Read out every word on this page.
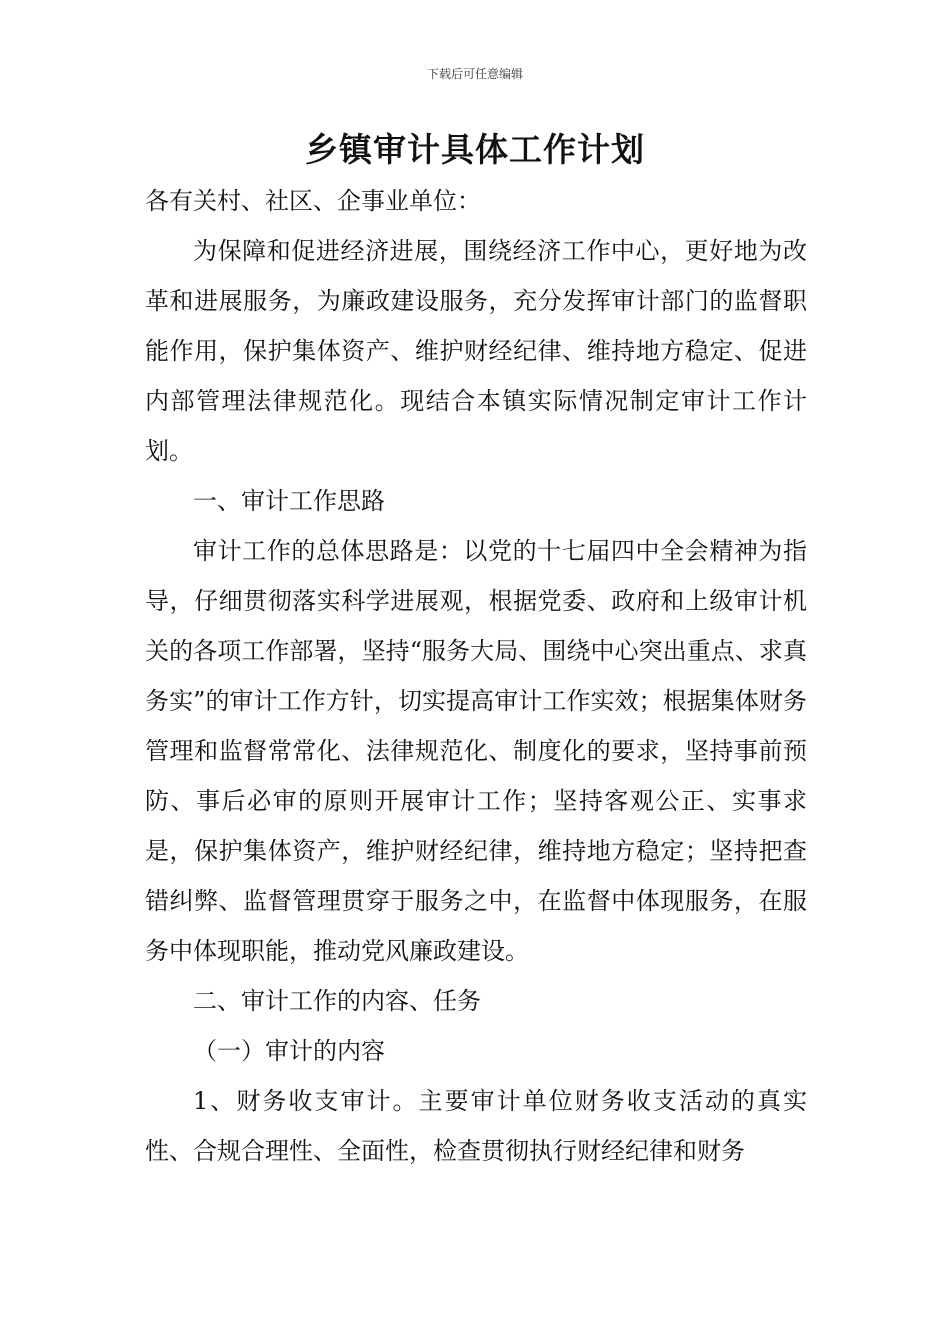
下载后可任意编辑
乡镇审计具体工作计划

各有关村、社区、企事业单位：

为保障和促进经济进展，围绕经济工作中心，更好地为改革和进展服务，为廉政建设服务，充分发挥审计部门的监督职能作用，保护集体资产、维护财经纪律、维持地方稳定、促进内部管理法律规范化。现结合本镇实际情况制定审计工作计划。

一、审计工作思路

审计工作的总体思路是：以党的十七届四中全会精神为指导，仔细贯彻落实科学进展观，根据党委、政府和上级审计机关的各项工作部署，坚持“服务大局、围绕中心突出重点、求真务实”的审计工作方针，切实提高审计工作实效；根据集体财务管理和监督常常化、法律规范化、制度化的要求，坚持事前预防、事后必审的原则开展审计工作；坚持客观公正、实事求是，保护集体资产，维护财经纪律，维持地方稳定；坚持把查错纠弊、监督管理贯穿于服务之中，在监督中体现服务，在服务中体现职能，推动党风廉政建设。

二、审计工作的内容、任务

（一）审计的内容

1、财务收支审计。主要审计单位财务收支活动的真实性、合规合理性、全面性，检查贯彻执行财经纪律和财务
